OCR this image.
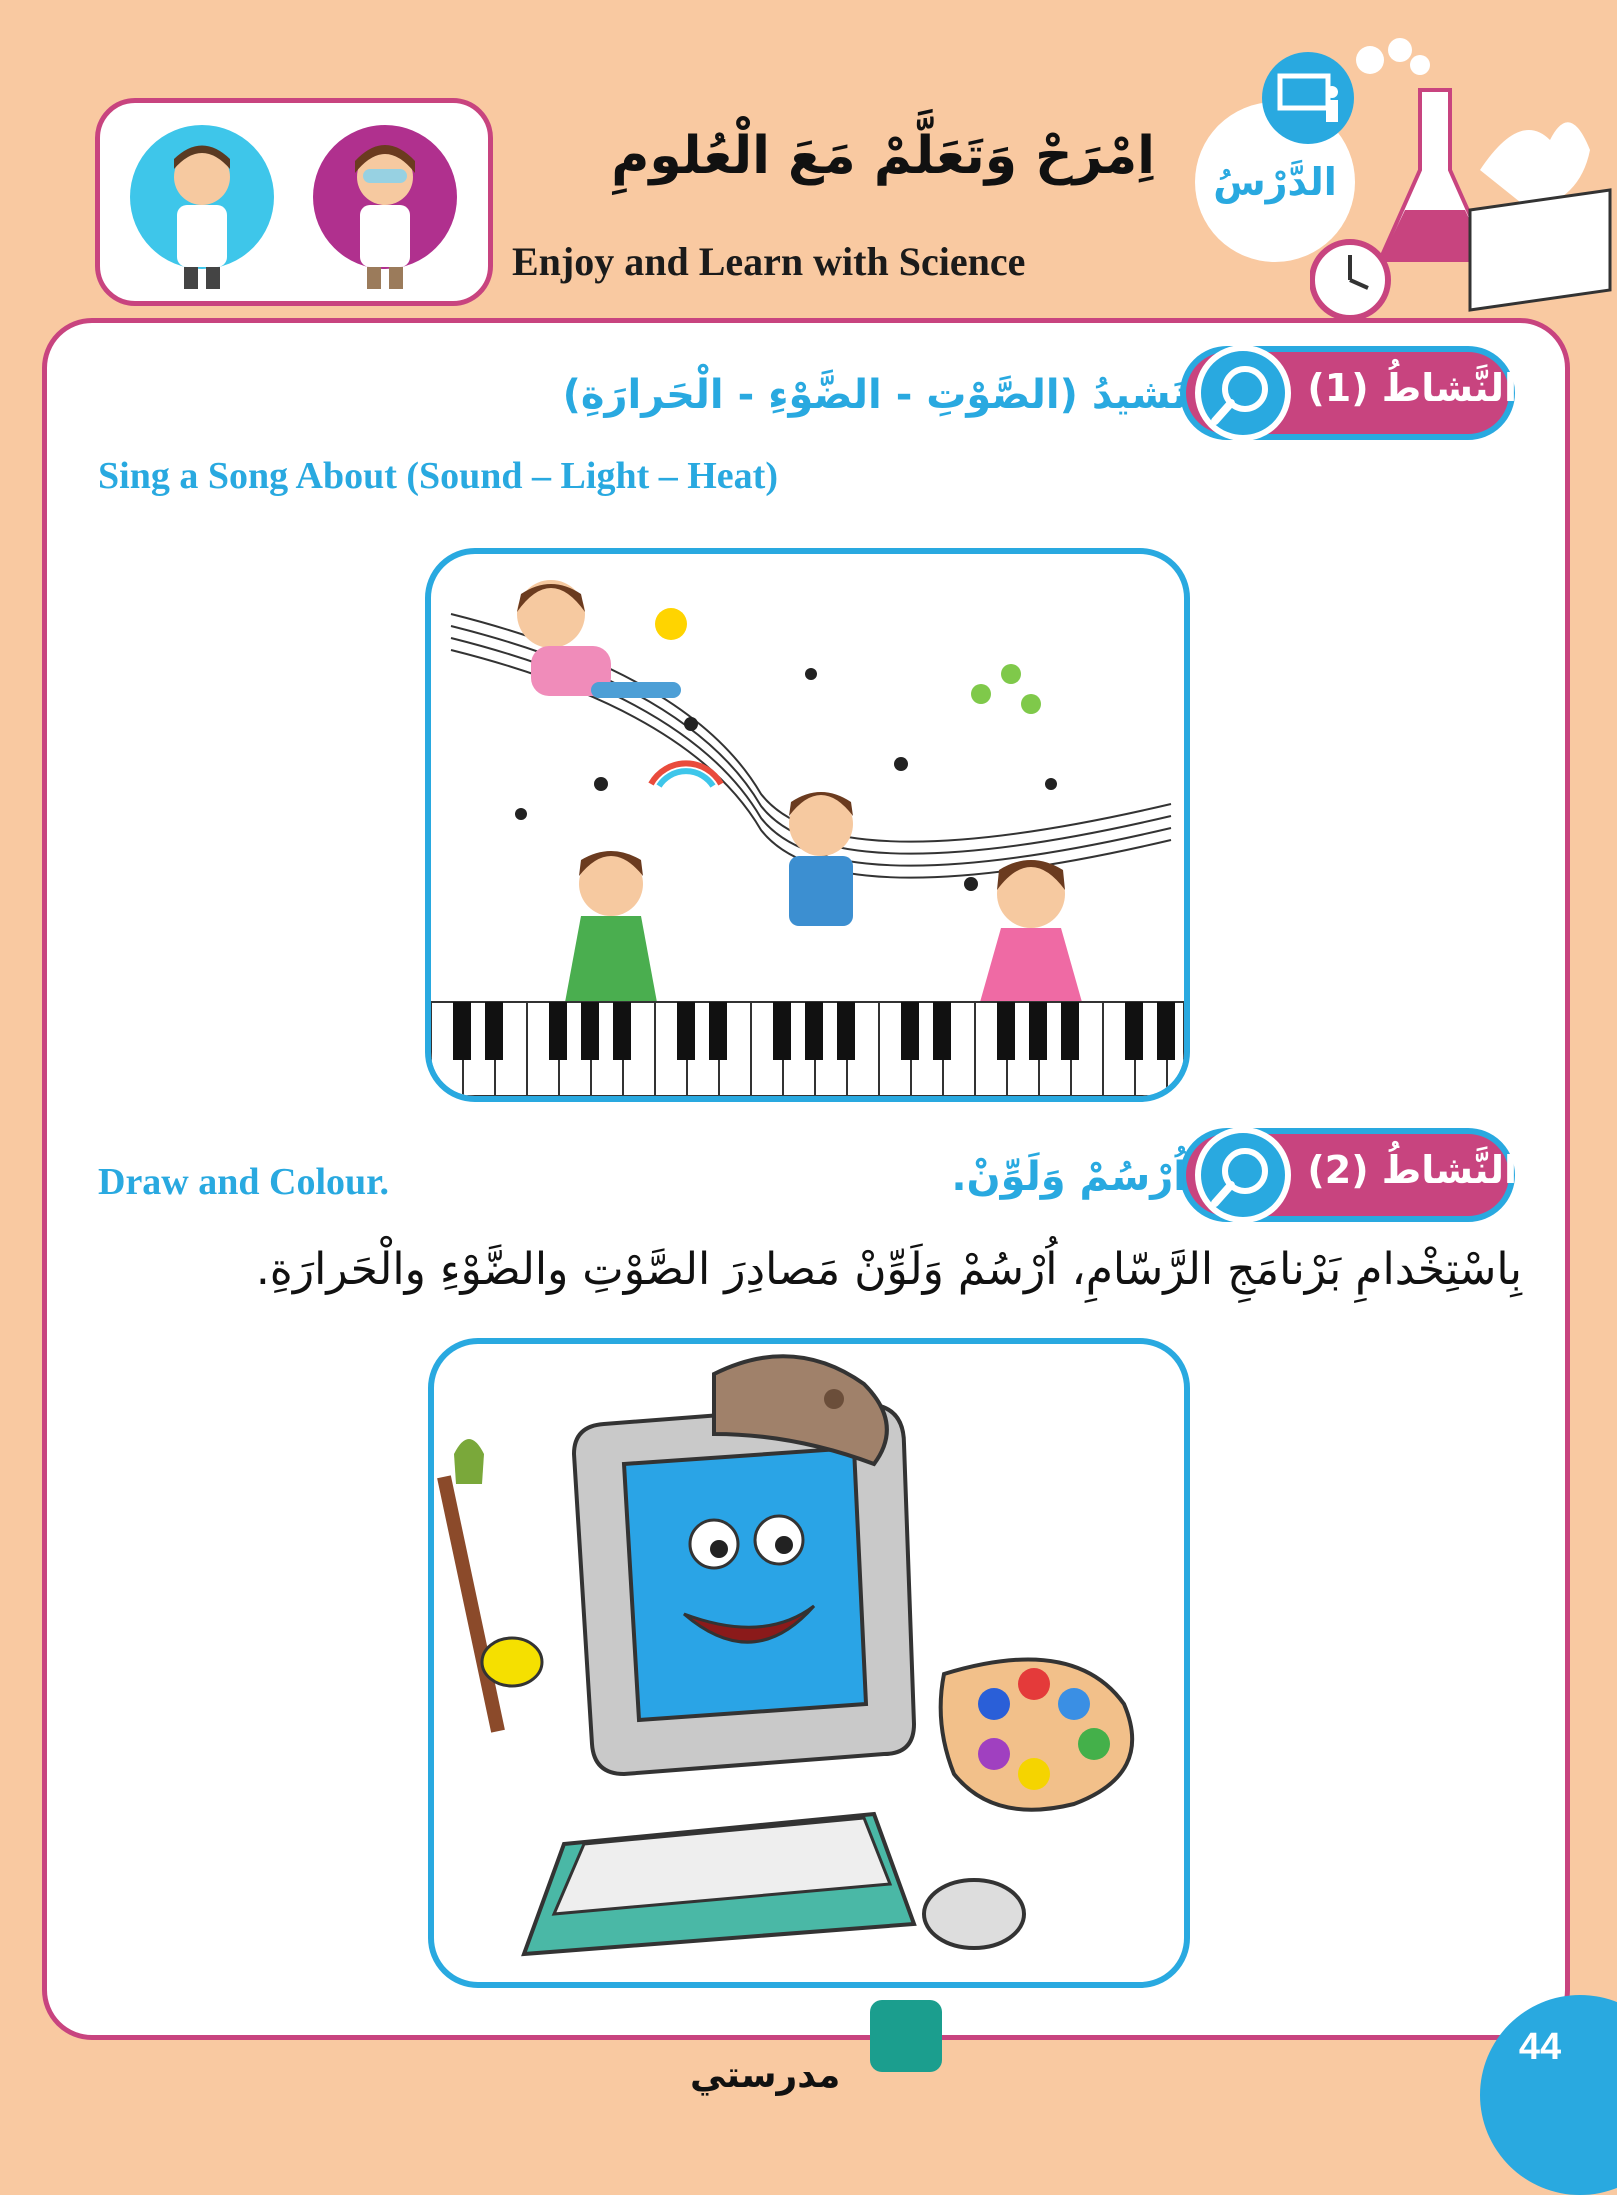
اِمْرَحْ وَتَعَلَّمْ مَعَ الْعُلومِ
Enjoy and Learn with Science
الدَّرْسُ
النَّشاطُ (1)
نَشيدُ (الصَّوْتِ - الضَّوْءِ - الْحَرارَةِ)
Sing a Song About (Sound – Light – Heat)
النَّشاطُ (2)
اُرْسُمْ وَلَوِّنْ.
Draw and Colour.
بِاسْتِخْدامِ بَرْنامَجِ الرَّسّامِ، اُرْسُمْ وَلَوِّنْ مَصادِرَ الصَّوْتِ والضَّوْءِ والْحَرارَةِ.
مدرستي
44
